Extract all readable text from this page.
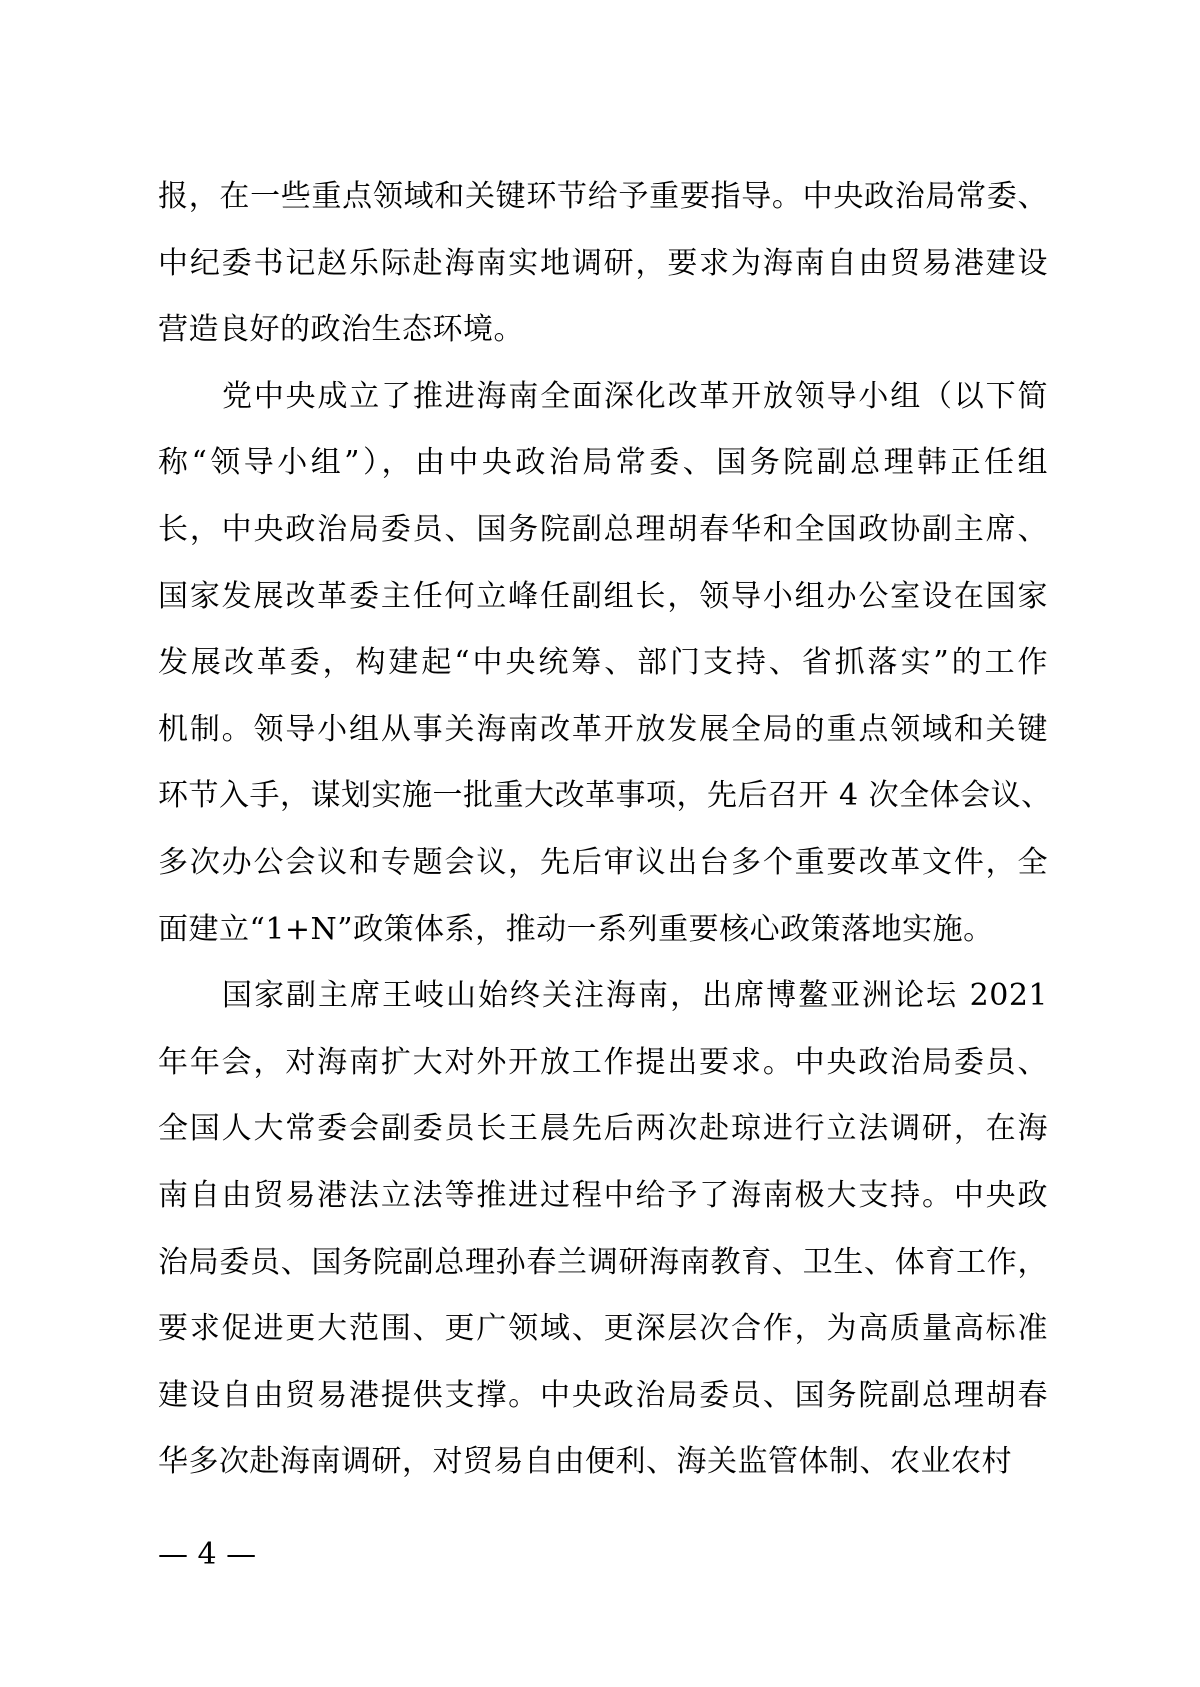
报，在一些重点领域和关键环节给予重要指导。中央政治局常委、
中纪委书记赵乐际赴海南实地调研，要求为海南自由贸易港建设
营造良好的政治生态环境。
党中央成立了推进海南全面深化改革开放领导小组（以下简
称“领导小组”），由中央政治局常委、国务院副总理韩正任组
长，中央政治局委员、国务院副总理胡春华和全国政协副主席、
国家发展改革委主任何立峰任副组长，领导小组办公室设在国家
发展改革委，构建起“中央统筹、部门支持、省抓落实”的工作
机制。领导小组从事关海南改革开放发展全局的重点领域和关键
环节入手，谋划实施一批重大改革事项，先后召开 4 次全体会议、
多次办公会议和专题会议，先后审议出台多个重要改革文件，全
面建立“1+N”政策体系，推动一系列重要核心政策落地实施。
国家副主席王岐山始终关注海南，出席博鳌亚洲论坛 2021
年年会，对海南扩大对外开放工作提出要求。中央政治局委员、
全国人大常委会副委员长王晨先后两次赴琼进行立法调研，在海
南自由贸易港法立法等推进过程中给予了海南极大支持。中央政
治局委员、国务院副总理孙春兰调研海南教育、卫生、体育工作，
要求促进更大范围、更广领域、更深层次合作，为高质量高标准
建设自由贸易港提供支撑。中央政治局委员、国务院副总理胡春
华多次赴海南调研，对贸易自由便利、海关监管体制、农业农村
— 4 —
